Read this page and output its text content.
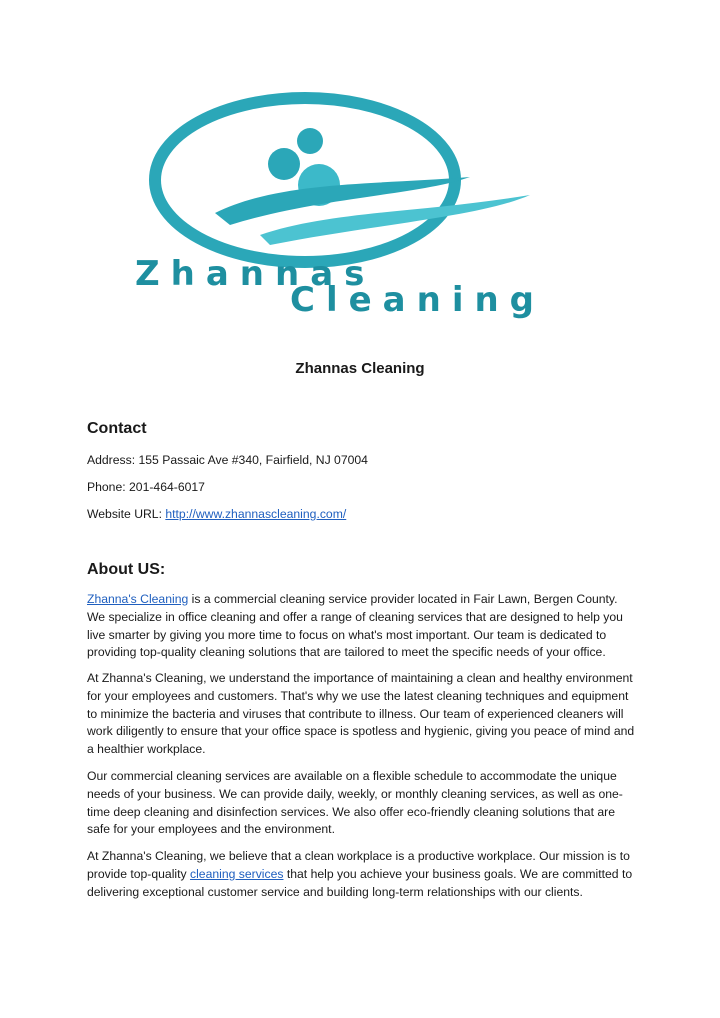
Zhannas
Cleaning
Zhannas Cleaning
Contact
Address: 155 Passaic Ave #340, Fairfield, NJ 07004
Phone: 201-464-6017
Website URL: http://www.zhannascleaning.com/
About US:

Zhanna's Cleaning is a commercial cleaning service provider located in Fair Lawn, Bergen County. We specialize in office cleaning and offer a range of cleaning services that are designed to help you live smarter by giving you more time to focus on what's most important. Our team is dedicated to providing top-quality cleaning solutions that are tailored to meet the specific needs of your office.

At Zhanna's Cleaning, we understand the importance of maintaining a clean and healthy environment for your employees and customers. That's why we use the latest cleaning techniques and equipment to minimize the bacteria and viruses that contribute to illness. Our team of experienced cleaners will work diligently to ensure that your office space is spotless and hygienic, giving you peace of mind and a healthier workplace.

Our commercial cleaning services are available on a flexible schedule to accommodate the unique needs of your business. We can provide daily, weekly, or monthly cleaning services, as well as one-time deep cleaning and disinfection services. We also offer eco-friendly cleaning solutions that are safe for your employees and the environment.

At Zhanna's Cleaning, we believe that a clean workplace is a productive workplace. Our mission is to provide top-quality cleaning services that help you achieve your business goals. We are committed to delivering exceptional customer service and building long-term relationships with our clients.
